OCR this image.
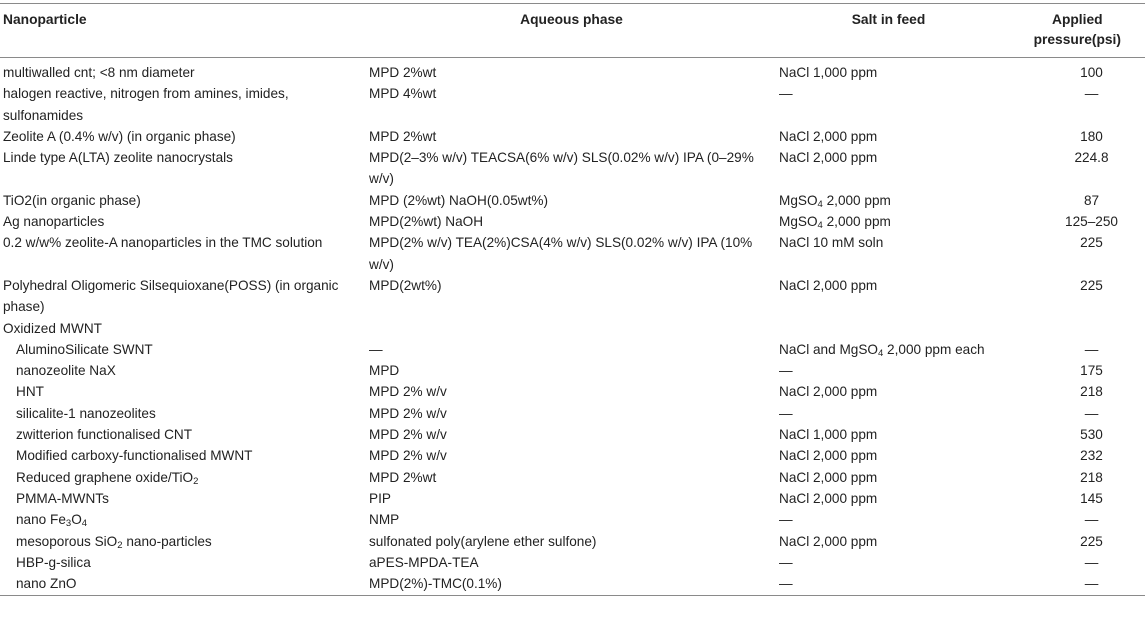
Nanoparticle	Aqueous phase	Salt in feed	Applied
pressure(psi)
multiwalled cnt; <8 nm diameter	MPD 2%wt	NaCl 1,000 ppm	100
halogen reactive, nitrogen from amines, imides, sulfonamides	MPD 4%wt	—	—
Zeolite A (0.4% w/v) (in organic phase)	MPD 2%wt	NaCl 2,000 ppm	180
Linde type A(LTA) zeolite nanocrystals	MPD(2–3% w/v) TEACSA(6% w/v) SLS(0.02% w/v) IPA (0–29% w/v)	NaCl 2,000 ppm	224.8
TiO2(in organic phase)	MPD (2%wt) NaOH(0.05wt%)	MgSO$_4$ 2,000 ppm	87
Ag nanoparticles	MPD(2%wt) NaOH	MgSO$_4$ 2,000 ppm	125–250
0.2 w/w% zeolite-A nanoparticles in the TMC solution	MPD(2% w/v) TEA(2%)CSA(4% w/v) SLS(0.02% w/v) IPA (10% w/v)	NaCl 10 mM soln	225
Polyhedral Oligomeric Silsequioxane(POSS) (in organic phase)	MPD(2wt%)	NaCl 2,000 ppm	225
Oxidized MWNT			
AluminoSilicate SWNT	—	NaCl and MgSO$_4$ 2,000 ppm each	—
nanozeolite NaX	MPD	—	175
HNT	MPD 2% w/v	NaCl 2,000 ppm	218
silicalite-1 nanozeolites	MPD 2% w/v	—	—
zwitterion functionalised CNT	MPD 2% w/v	NaCl 1,000 ppm	530
Modified carboxy-functionalised MWNT	MPD 2% w/v	NaCl 2,000 ppm	232
Reduced graphene oxide/TiO$_2$	MPD 2%wt	NaCl 2,000 ppm	218
PMMA-MWNTs	PIP	NaCl 2,000 ppm	145
nano $Fe_3O_4$	NMP	—	—
mesoporous SiO$_2$ nano-particles	sulfonated poly(arylene ether sulfone)	NaCl 2,000 ppm	225
HBP-g-silica	aPES-MPDA-TEA	—	—
nano ZnO	MPD(2%)-TMC(0.1%)	—	—
